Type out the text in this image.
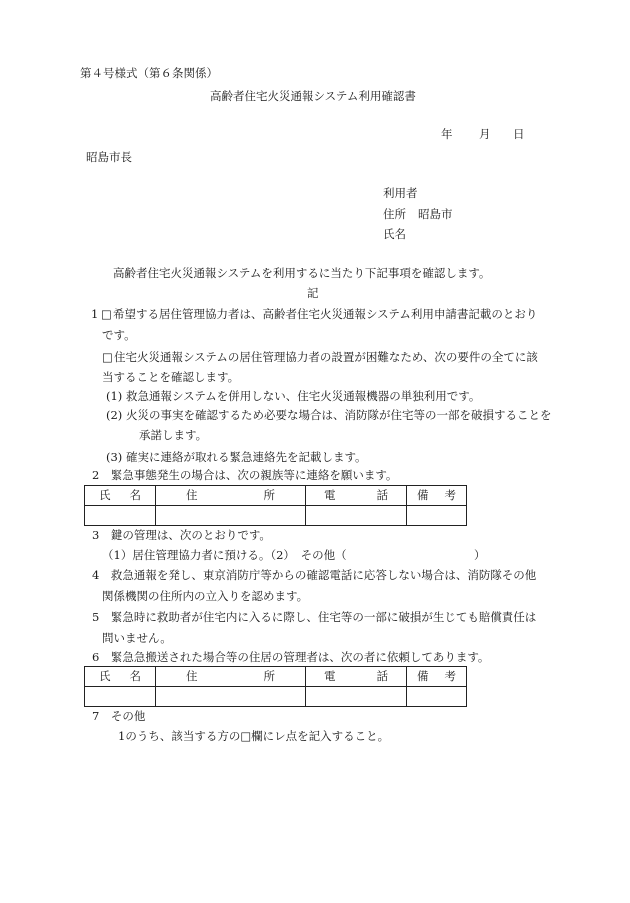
第４号様式（第６条関係）
高齢者住宅火災通報システム利用確認書
年 月 日
昭島市長
利用者
住所 昭島市
氏名
高齢者住宅火災通報システムを利用するに当たり下記事項を確認します。
記
1 □ 希望する居住管理協力者は、高齢者住宅火災通報システム利用申請書記載のとおり
です。
□ 住宅火災通報システムの居住管理協力者の設置が困難なため、次の要件の全てに該
当することを確認します。
(1) 救急通報システムを併用しない、住宅火災通報機器の単独利用です。
(2) 火災の事実を確認するため必要な場合は、消防隊が住宅等の一部を破損することを
承諾します。
(3) 確実に連絡が取れる緊急連絡先を記載します。
2　緊急事態発生の場合は、次の親族等に連絡を願います。
氏 名	住 所	電 話	備 考

3　鍵の管理は、次のとおりです。
（1）居住管理協力者に預ける。（2）　その他（	）
4　救急通報を発し、東京消防庁等からの確認電話に応答しない場合は、消防隊その他
関係機関の住所内の立入りを認めます。
5　緊急時に救助者が住宅内に入るに際し、住宅等の一部に破損が生じても賠償責任は
問いません。
6　緊急急搬送された場合等の住居の管理者は、次の者に依頼してあります。
氏 名	住 所	電 話	備 考

7　その他
1のうち、該当する方の□欄にレ点を記入すること。
